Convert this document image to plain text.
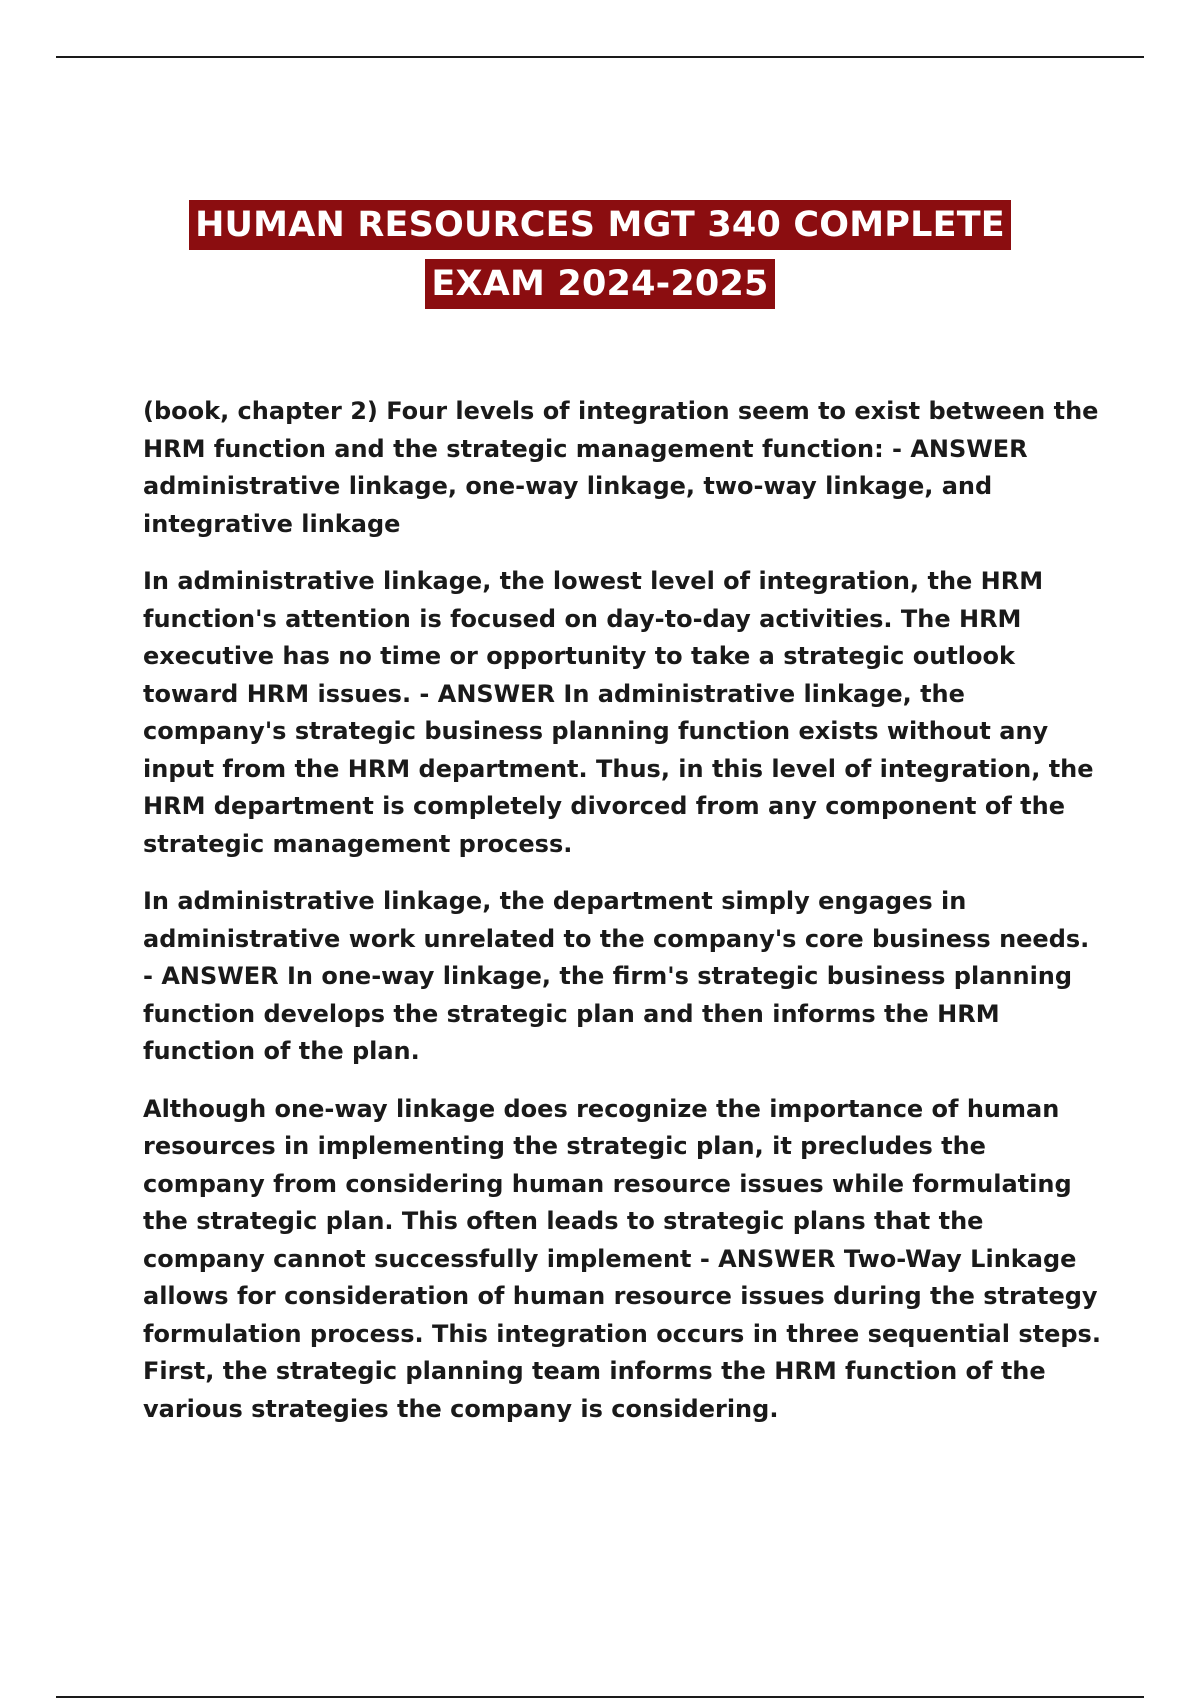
HUMAN RESOURCES MGT 340 COMPLETE
EXAM 2024-2025

(book, chapter 2) Four levels of integration seem to exist between the HRM function and the strategic management function: - ANSWER administrative linkage, one-way linkage, two-way linkage, and integrative linkage

In administrative linkage, the lowest level of integration, the HRM function's attention is focused on day-to-day activities. The HRM executive has no time or opportunity to take a strategic outlook toward HRM issues. - ANSWER In administrative linkage, the company's strategic business planning function exists without any input from the HRM department. Thus, in this level of integration, the HRM department is completely divorced from any component of the strategic management process.

In administrative linkage, the department simply engages in administrative work unrelated to the company's core business needs. - ANSWER In one-way linkage, the firm's strategic business planning function develops the strategic plan and then informs the HRM function of the plan.

Although one-way linkage does recognize the importance of human resources in implementing the strategic plan, it precludes the company from considering human resource issues while formulating the strategic plan. This often leads to strategic plans that the company cannot successfully implement - ANSWER Two-Way Linkage allows for consideration of human resource issues during the strategy formulation process. This integration occurs in three sequential steps. First, the strategic planning team informs the HRM function of the various strategies the company is considering.
